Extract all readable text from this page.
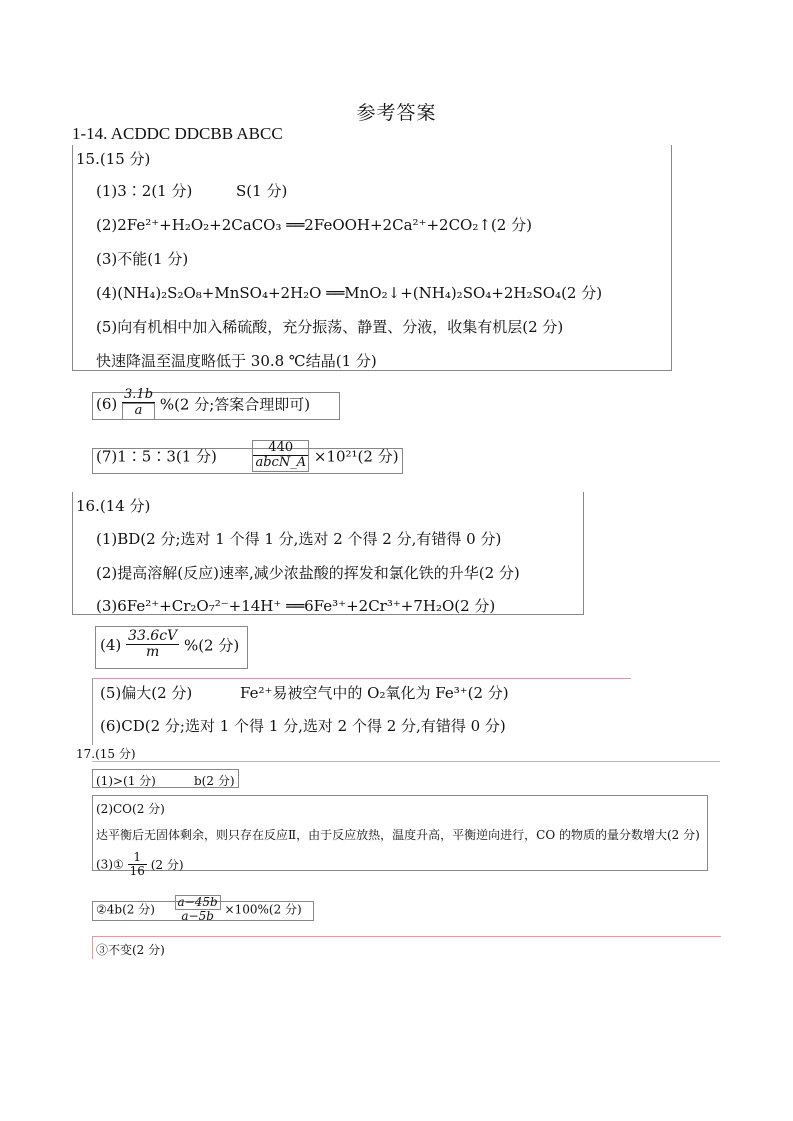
参考答案
1-14. ACDDC DDCBB ABCC
15.(15 分)
(1)3∶2(1 分)	S(1 分)
(2)2Fe²⁺+H₂O₂+2CaCO₃ ══2FeOOH+2Ca²⁺+2CO₂↑(2 分)
(3)不能(1 分)
(4)(NH₄)₂S₂O₈+MnSO₄+2H₂O ══MnO₂↓+(NH₄)₂SO₄+2H₂SO₄(2 分)
(5)向有机相中加入稀硫酸，充分振荡、静置、分液，收集有机层(2 分)
快速降温至温度略低于 30.8 ℃结晶(1 分)
$(6) \frac{3.1b}{a} \%(2$ 分;答案合理即可)
(7)1∶5∶3(1 分)	$\frac{440}{\text{abcN\_A}} \times 10^{21}(2$ 分)
16.(14 分)
(1)BD(2 分;选对 1 个得 1 分,选对 2 个得 2 分,有错得 0 分)
(2)提高溶解(反应)速率,减少浓盐酸的挥发和氯化铁的升华(2 分)
(3)6Fe²⁺+Cr₂O₇²⁻+14H⁺ ══6Fe³⁺+2Cr³⁺+7H₂O(2 分)
$(4) \frac{33.6cV}{m} \%(2$ 分)
(5)偏大(2 分)	Fe²⁺易被空气中的 O₂氧化为 Fe³⁺(2 分)
(6)CD(2 分;选对 1 个得 1 分,选对 2 个得 2 分,有错得 0 分)
17.(15 分)
(1)>(1 分)	b(2 分)
(2)CO(2 分)
达平衡后无固体剩余，则只存在反应Ⅱ，由于反应放热，温度升高，平衡逆向进行，CO 的物质的量分数增大(2 分)
(3)① $\frac{1}{16} (2$ 分)
②4b(2 分) $\frac{a-45b}{a-5b} \times 100\%(2$ 分)
③不变(2 分)
